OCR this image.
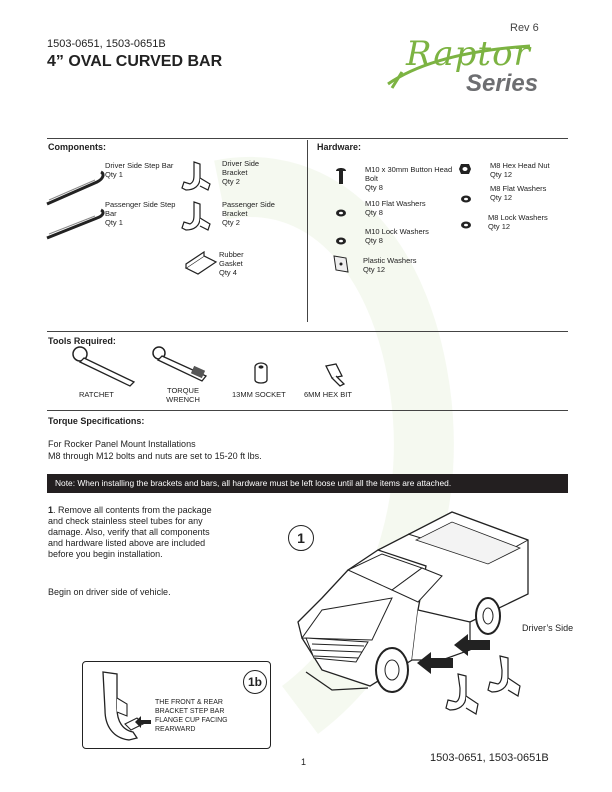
Rev 6
1503-0651, 1503-0651B
4” OVAL CURVED BAR	Raptor
Series
Components:
Driver Side Step Bar
Qty 1
Passenger Side Step Bar
Qty 1
Driver Side Bracket
Qty 2
Passenger Side Bracket
Qty 2
Rubber Gasket
Qty 4
Hardware:
M10 x 30mm Button Head Bolt
Qty 8
M10 Flat Washers
Qty 8
M10 Lock Washers
Qty 8
Plastic Washers
Qty 12
M8 Hex Head Nut
Qty 12
M8 Flat Washers
Qty 12
M8 Lock Washers
Qty 12
Tools Required:
RATCHET	TORQUE WRENCH
13MM SOCKET 6MM HEX BIT
Torque Specifications:
For Rocker Panel Mount Installations
M8 through M12 bolts and nuts are set to 15-20 ft lbs.
Note: When installing the brackets and bars, all hardware must be left loose until all the items are attached.
1. Remove all contents from the package and check stainless steel tubes for any damage. Also, verify that all components and hardware listed above are included before you begin installation.
Begin on driver side of vehicle.
1
Driver’s Side
1b
THE FRONT & REAR BRACKET STEP BAR FLANGE CUP FACING REARWARD
1	1503-0651, 1503-0651B
